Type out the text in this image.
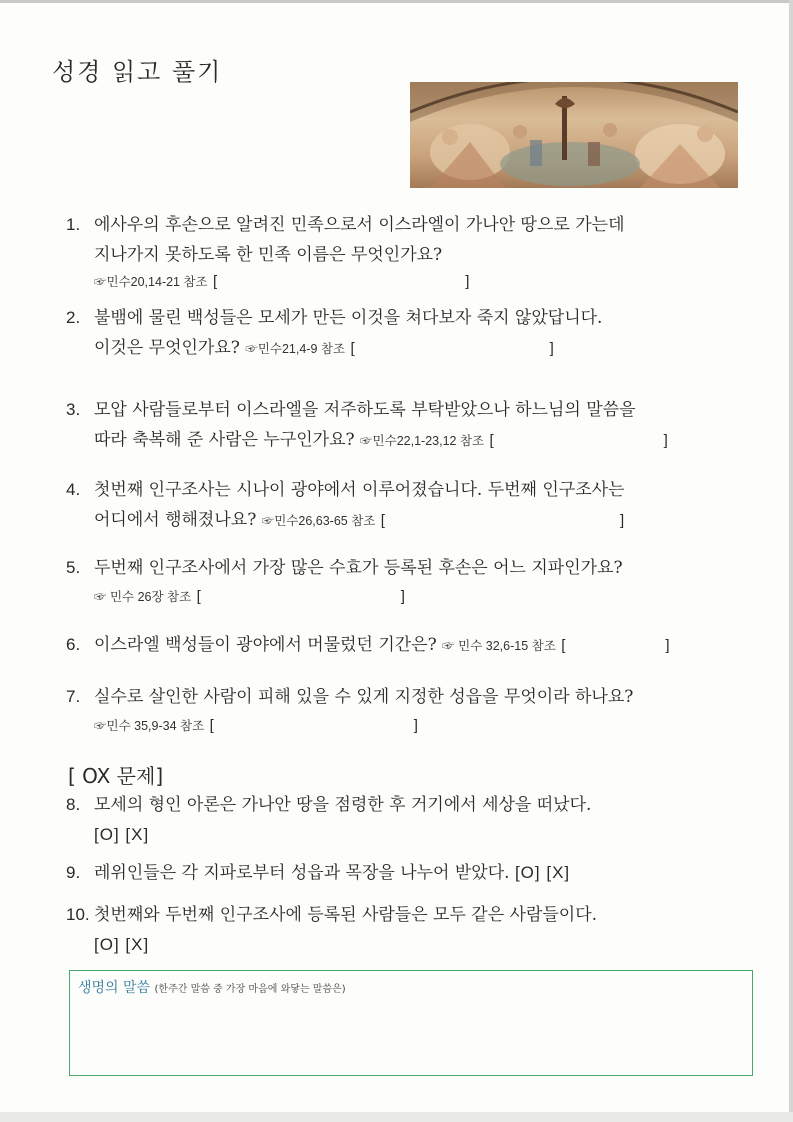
성경 읽고 풀기
1. 에사우의 후손으로 알려진 민족으로서 이스라엘이 가나안 땅으로 가는데
지나가지 못하도록 한 민족 이름은 무엇인가요?
☞민수20,14-21 참조 [	]
2. 불뱀에 물린 백성들은 모세가 만든 이것을 쳐다보자 죽지 않았답니다.
이것은 무엇인가요? ☞민수21,4-9 참조 [	]
3. 모압 사람들로부터 이스라엘을 저주하도록 부탁받았으나 하느님의 말씀을
따라 축복해 준 사람은 누구인가요? ☞민수22,1-23,12 참조 [	]
4. 첫번째 인구조사는 시나이 광야에서 이루어졌습니다. 두번째 인구조사는
어디에서 행해졌나요? ☞민수26,63-65 참조 [	]
5. 두번째 인구조사에서 가장 많은 수효가 등록된 후손은 어느 지파인가요?
☞ 민수 26장 참조 [	]
6. 이스라엘 백성들이 광야에서 머물렀던 기간은? ☞ 민수 32,6-15 참조 [	]
7. 실수로 살인한 사람이 피해 있을 수 있게 지정한 성읍을 무엇이라 하나요?
☞민수 35,9-34 참조 [	]
[ OX 문제]
8. 모세의 형인 아론은 가나안 땅을 점령한 후 거기에서 세상을 떠났다.
[O] [X]
9. 레위인들은 각 지파로부터 성읍과 목장을 나누어 받았다. [O] [X]
10. 첫번째와 두번째 인구조사에 등록된 사람들은 모두 같은 사람들이다.
[O] [X]
생명의 말씀 (한주간 말씀 중 가장 마음에 와닿는 말씀은)
